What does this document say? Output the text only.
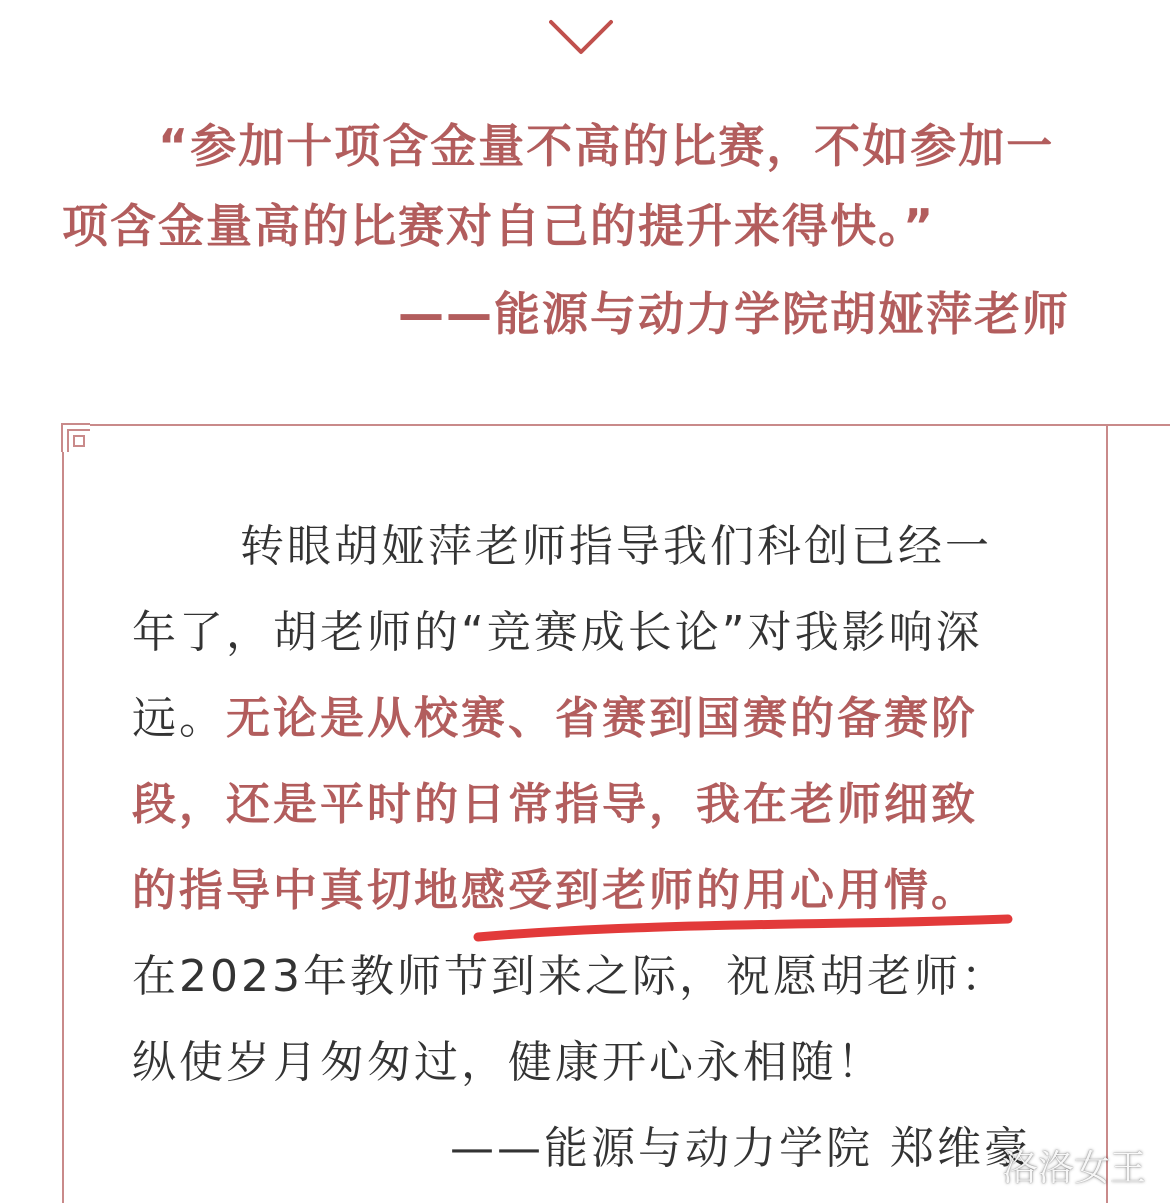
“参加十项含金量不高的比赛，不如参加一
项含金量高的比赛对自己的提升来得快。”
——能源与动力学院胡娅萍老师
转眼胡娅萍老师指导我们科创已经一
年了，胡老师的“竞赛成长论”对我影响深
远。无论是从校赛、省赛到国赛的备赛阶
段，还是平时的日常指导，我在老师细致
的指导中真切地感受到老师的用心用情。
在2023年教师节到来之际，祝愿胡老师：
纵使岁月匆匆过，健康开心永相随！
——能源与动力学院 郑维豪
洛洛女王
